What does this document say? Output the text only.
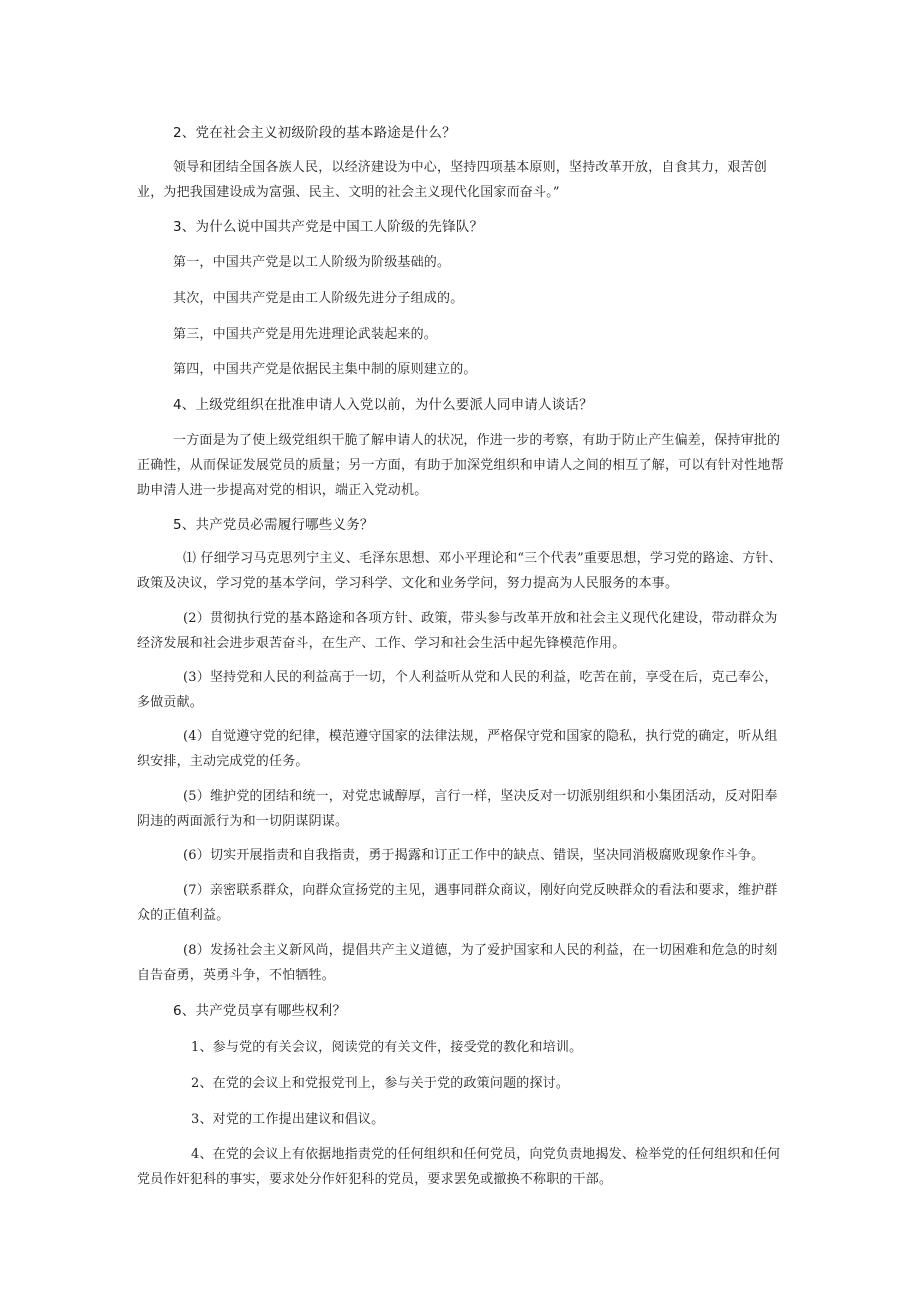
2、党在社会主义初级阶段的基本路途是什么？
领导和团结全国各族人民，以经济建设为中心，坚持四项基本原则，坚持改革开放，自食其力，艰苦创业，为把我国建设成为富强、民主、文明的社会主义现代化国家而奋斗。”
3、为什么说中国共产党是中国工人阶级的先锋队？
第一，中国共产党是以工人阶级为阶级基础的。
其次，中国共产党是由工人阶级先进分子组成的。
第三，中国共产党是用先进理论武装起来的。
第四，中国共产党是依据民主集中制的原则建立的。
4、上级党组织在批准申请人入党以前，为什么要派人同申请人谈话？
一方面是为了使上级党组织干脆了解申请人的状况，作进一步的考察，有助于防止产生偏差，保持审批的正确性，从而保证发展党员的质量；另一方面，有助于加深党组织和申请人之间的相互了解，可以有针对性地帮助申清人进一步提高对党的相识，端正入党动机。
5、共产党员必需履行哪些义务？
⑴ 仔细学习马克思列宁主义、毛泽东思想、邓小平理论和“三个代表”重要思想，学习党的路途、方针、政策及决议，学习党的基本学问，学习科学、文化和业务学问，努力提高为人民服务的本事。
(2）贯彻执行党的基本路途和各项方针、政策，带头参与改革开放和社会主义现代化建设，带动群众为经济发展和社会进步艰苦奋斗，在生产、工作、学习和社会生活中起先锋模范作用。
(3）坚持党和人民的利益高于一切，个人利益听从党和人民的利益，吃苦在前，享受在后，克己奉公，多做贡献。
(4）自觉遵守党的纪律，模范遵守国家的法律法规，严格保守党和国家的隐私，执行党的确定，听从组织安排，主动完成党的任务。
(5）维护党的团结和统一，对党忠诚醇厚，言行一样，坚决反对一切派别组织和小集团活动，反对阳奉阴违的两面派行为和一切阴谋阴谋。
(6）切实开展指责和自我指责，勇于揭露和订正工作中的缺点、错误，坚决同消极腐败现象作斗争。
(7）亲密联系群众，向群众宣扬党的主见，遇事同群众商议，刚好向党反映群众的看法和要求，维护群众的正值利益。
(8）发扬社会主义新风尚，提倡共产主义道德，为了爱护国家和人民的利益，在一切困难和危急的时刻自告奋勇，英勇斗争，不怕牺牲。
6、共产党员享有哪些权利？
1、参与党的有关会议，阅读党的有关文件，接受党的教化和培训。
2、在党的会议上和党报党刊上，参与关于党的政策问题的探讨。
3、对党的工作提出建议和倡议。
4、在党的会议上有依据地指责党的任何组织和任何党员，向党负责地揭发、检举党的任何组织和任何党员作奸犯科的事实，要求处分作奸犯科的党员，要求罢免或撤换不称职的干部。
